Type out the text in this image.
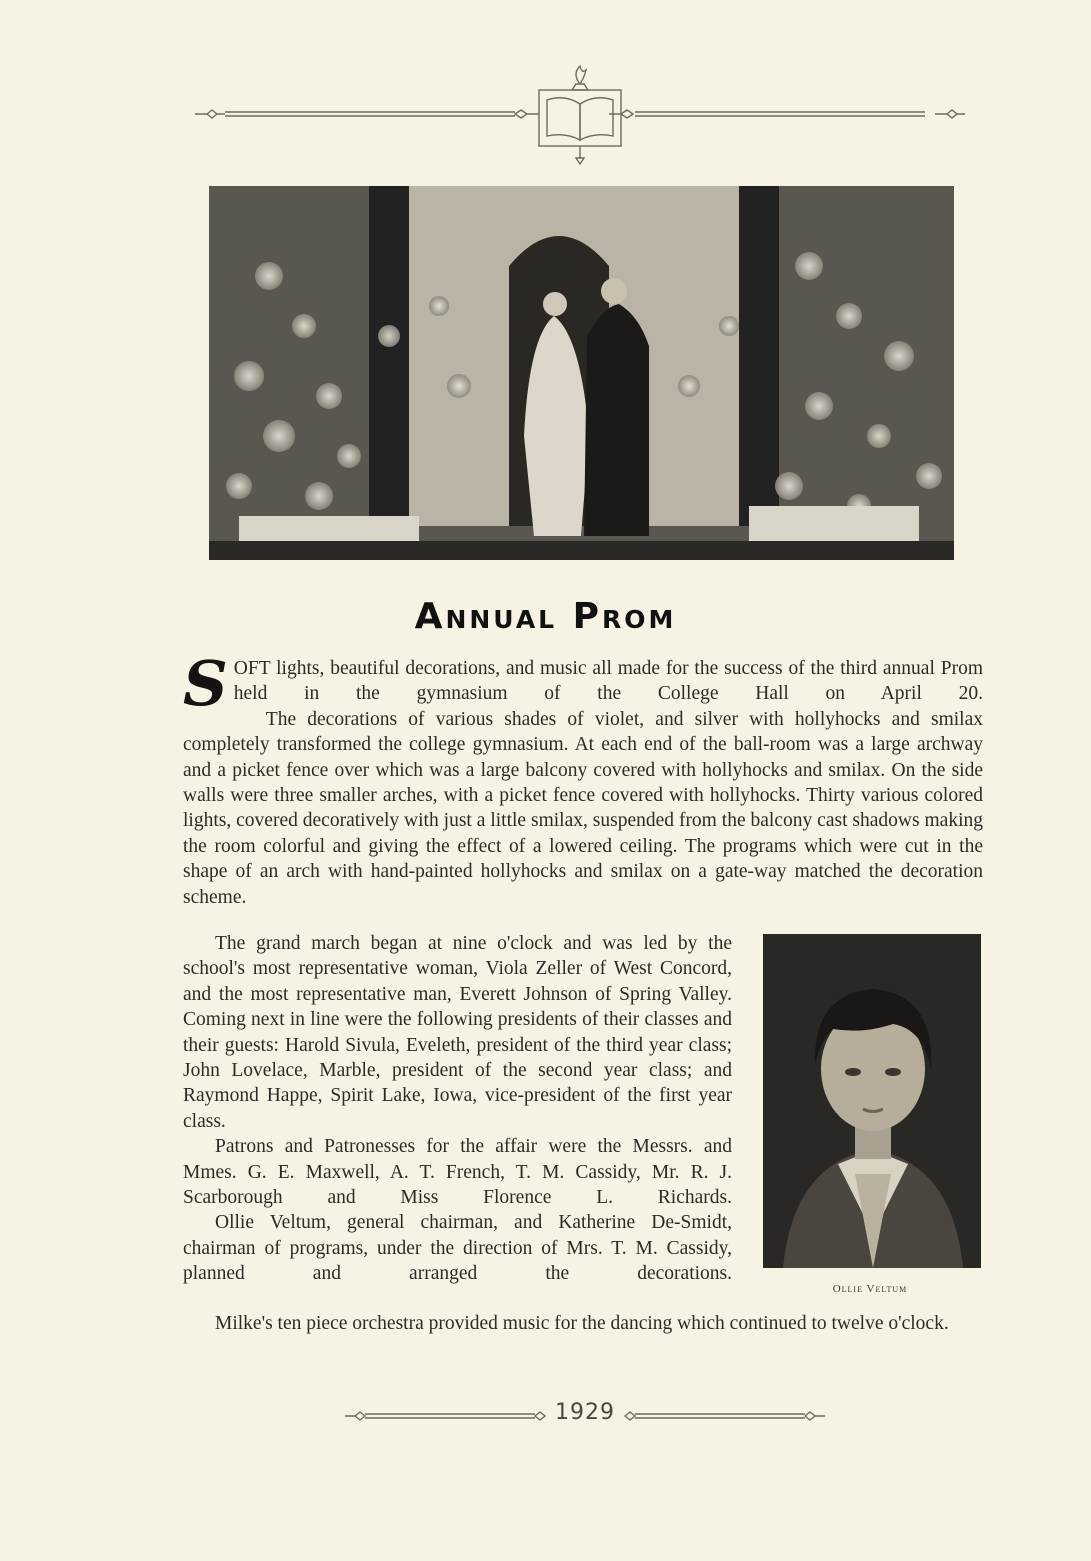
Annual Prom

SOFT lights, beautiful decorations, and music all made for the success of the third annual Prom held in the gymnasium of the College Hall on April 20.

The decorations of various shades of violet, and silver with hollyhocks and smilax completely transformed the college gymnasium. At each end of the ball-room was a large archway and a picket fence over which was a large balcony covered with hollyhocks and smilax. On the side walls were three smaller arches, with a picket fence covered with hollyhocks. Thirty various colored lights, covered decoratively with just a little smilax, suspended from the balcony cast shadows making the room colorful and giving the effect of a lowered ceiling. The programs which were cut in the shape of an arch with hand-painted hollyhocks and smilax on a gate-way matched the decoration scheme.

The grand march began at nine o'clock and was led by the school's most representative woman, Viola Zeller of West Concord, and the most representative man, Everett Johnson of Spring Valley. Coming next in line were the following presidents of their classes and their guests: Harold Sivula, Eveleth, president of the third year class; John Lovelace, Marble, president of the second year class; and Raymond Happe, Spirit Lake, Iowa, vice-president of the first year class.

Patrons and Patronesses for the affair were the Messrs. and Mmes. G. E. Maxwell, A. T. French, T. M. Cassidy, Mr. R. J. Scarborough and Miss Florence L. Richards.

Ollie Veltum, general chairman, and Katherine De-Smidt, chairman of programs, under the direction of Mrs. T. M. Cassidy, planned and arranged the decorations.

Ollie Veltum

Milke's ten piece orchestra provided music for the dancing which continued to twelve o'clock.

1929
